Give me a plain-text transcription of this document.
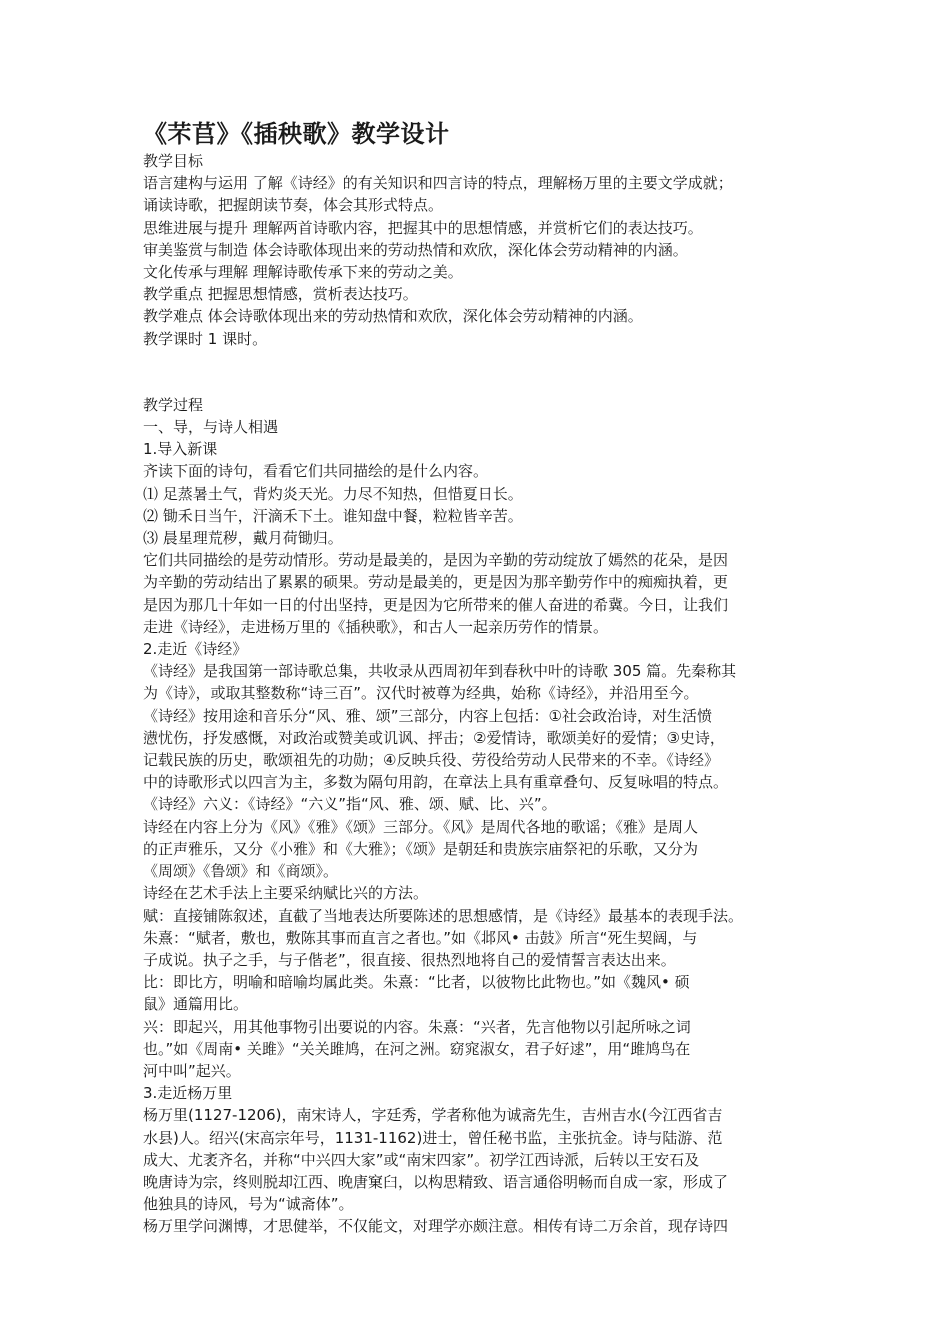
《芣苢》《插秧歌》教学设计

教学目标

语言建构与运用 了解《诗经》的有关知识和四言诗的特点，理解杨万里的主要文学成就；

诵读诗歌，把握朗读节奏，体会其形式特点。

思维进展与提升 理解两首诗歌内容，把握其中的思想情感，并赏析它们的表达技巧。

审美鉴赏与制造 体会诗歌体现出来的劳动热情和欢欣，深化体会劳动精神的内涵。

文化传承与理解 理解诗歌传承下来的劳动之美。

教学重点 把握思想情感，赏析表达技巧。

教学难点 体会诗歌体现出来的劳动热情和欢欣，深化体会劳动精神的内涵。

教学课时 1 课时。

教学过程

一、导，与诗人相遇

1.导入新课

齐读下面的诗句，看看它们共同描绘的是什么内容。

⑴ 足蒸暑土气，背灼炎天光。力尽不知热，但惜夏日长。

⑵ 锄禾日当午，汗滴禾下土。谁知盘中餐，粒粒皆辛苦。

⑶ 晨星理荒秽，戴月荷锄归。

它们共同描绘的是劳动情形。劳动是最美的，是因为辛勤的劳动绽放了嫣然的花朵，是因

为辛勤的劳动结出了累累的硕果。劳动是最美的，更是因为那辛勤劳作中的痴痴执着，更

是因为那几十年如一日的付出坚持，更是因为它所带来的催人奋进的希冀。今日，让我们

走进《诗经》，走进杨万里的《插秧歌》，和古人一起亲历劳作的情景。

2.走近《诗经》

《诗经》是我国第一部诗歌总集，共收录从西周初年到春秋中叶的诗歌 305 篇。先秦称其

为《诗》，或取其整数称“诗三百”。汉代时被尊为经典，始称《诗经》，并沿用至今。

《诗经》按用途和音乐分“风、雅、颂”三部分，内容上包括：①社会政治诗，对生活愤

懑忧伤，抒发感慨，对政治或赞美或讥讽、抨击；②爱情诗，歌颂美好的爱情；③史诗，

记载民族的历史，歌颂祖先的功勋；④反映兵役、劳役给劳动人民带来的不幸。《诗经》

中的诗歌形式以四言为主，多数为隔句用韵，在章法上具有重章叠句、反复咏唱的特点。

《诗经》六义：《诗经》“六义”指“风、雅、颂、赋、比、兴”。

诗经在内容上分为《风》《雅》《颂》三部分。《风》是周代各地的歌谣；《雅》是周人

的正声雅乐，又分《小雅》和《大雅》；《颂》是朝廷和贵族宗庙祭祀的乐歌，又分为

《周颂》《鲁颂》和《商颂》。

诗经在艺术手法上主要采纳赋比兴的方法。

赋：直接铺陈叙述，直截了当地表达所要陈述的思想感情，是《诗经》最基本的表现手法。

朱熹：“赋者，敷也，敷陈其事而直言之者也。”如《邶风• 击鼓》所言“死生契阔，与

子成说。执子之手，与子偕老”，很直接、很热烈地将自己的爱情誓言表达出来。

比：即比方，明喻和暗喻均属此类。朱熹：“比者，以彼物比此物也。”如《魏风• 硕

鼠》通篇用比。

兴：即起兴，用其他事物引出要说的内容。朱熹：“兴者，先言他物以引起所咏之词

也。”如《周南• 关雎》“关关雎鸠，在河之洲。窈窕淑女，君子好逑”，用“雎鸠鸟在

河中叫”起兴。

3.走近杨万里

杨万里(1127-1206)，南宋诗人，字廷秀，学者称他为诚斋先生，吉州吉水(今江西省吉

水县)人。绍兴(宋高宗年号，1131-1162)进士，曾任秘书监，主张抗金。诗与陆游、范

成大、尤袤齐名，并称“中兴四大家”或“南宋四家”。初学江西诗派，后转以王安石及

晚唐诗为宗，终则脱却江西、晚唐窠臼，以构思精致、语言通俗明畅而自成一家，形成了

他独具的诗风，号为“诚斋体”。

杨万里学问渊博，才思健举，不仅能文，对理学亦颇注意。相传有诗二万余首，现存诗四
